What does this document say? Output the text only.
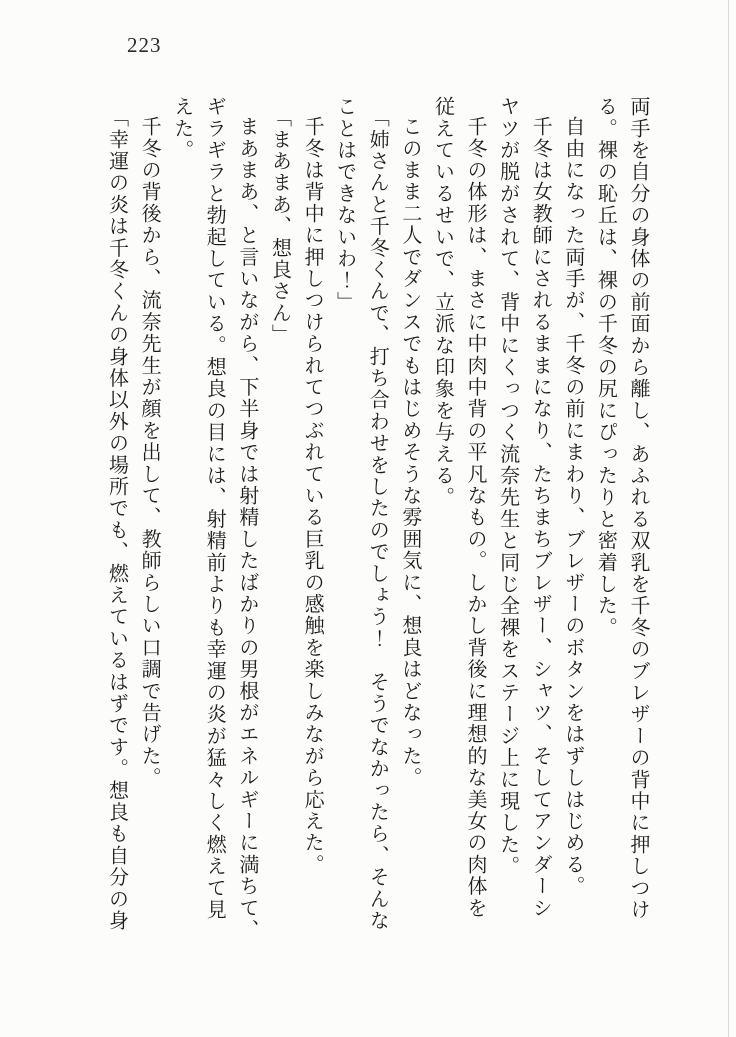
223
両手を自分の身体の前面から離し、あふれる双乳を千冬のブレザーの背中に押しつけ
る。裸の恥丘は、裸の千冬の尻にぴったりと密着した。
自由になった両手が、千冬の前にまわり、ブレザーのボタンをはずしはじめる。
千冬は女教師にされるままになり、たちまちブレザー、シャツ、そしてアンダーシ
ヤツが脱がされて、背中にくっつく流奈先生と同じ全裸をステージ上に現した。
千冬の体形は、まさに中肉中背の平凡なもの。しかし背後に理想的な美女の肉体を
従えているせいで、立派な印象を与える。
このまま二人でダンスでもはじめそうな雰囲気に、想良はどなった。
「姉さんと千冬くんで、打ち合わせをしたのでしょう！　そうでなかったら、そんな
ことはできないわ！」
千冬は背中に押しつけられてつぶれている巨乳の感触を楽しみながら応えた。
「まあまあ、想良さん」
まあまあ、と言いながら、下半身では射精したばかりの男根がエネルギーに満ちて、
ギラギラと勃起している。想良の目には、射精前よりも幸運の炎が猛々しく燃えて見
えた。
千冬の背後から、流奈先生が顔を出して、教師らしい口調で告げた。
「幸運の炎は千冬くんの身体以外の場所でも、燃えているはずです。想良も自分の身
